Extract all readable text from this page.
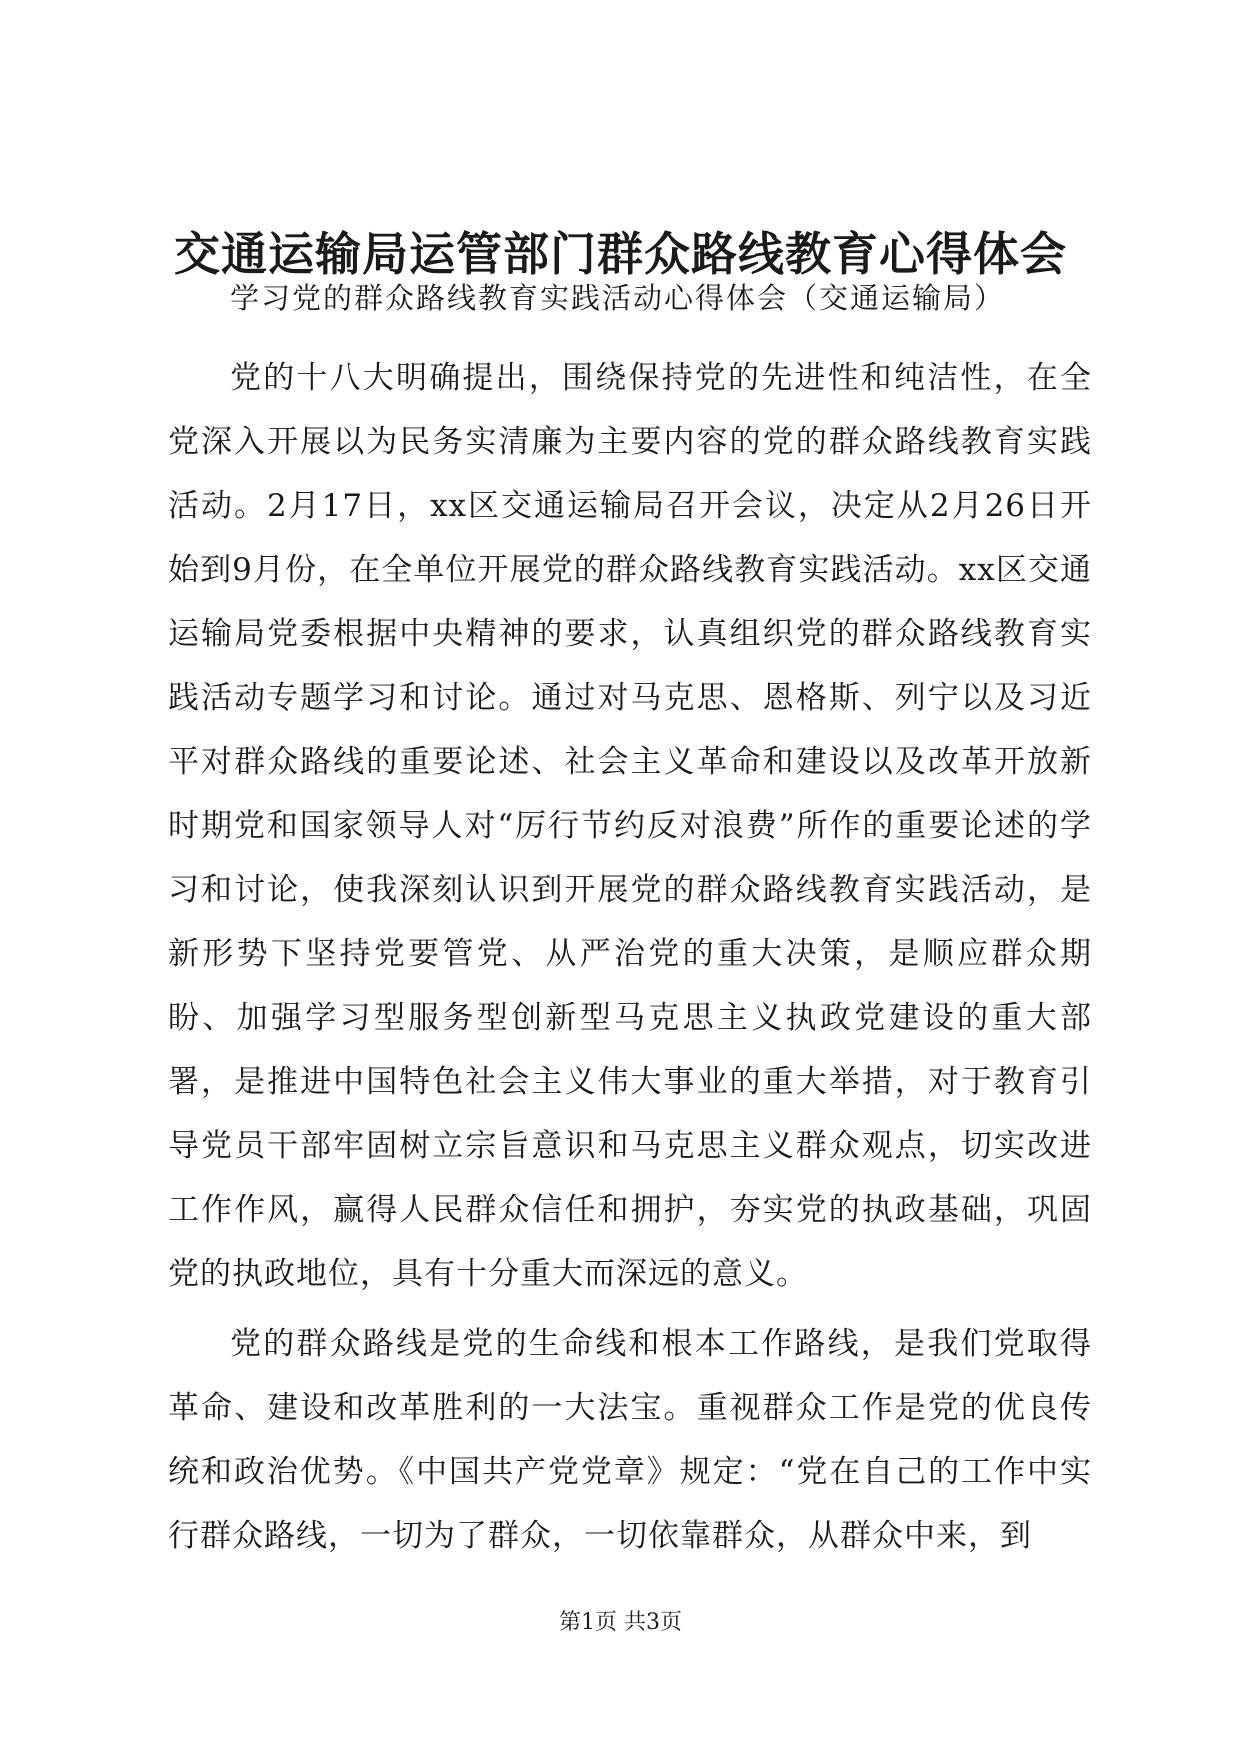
交通运输局运管部门群众路线教育心得体会

学习党的群众路线教育实践活动心得体会（交通运输局）

党的十八大明确提出，围绕保持党的先进性和纯洁性，在全党深入开展以为民务实清廉为主要内容的党的群众路线教育实践活动。2月17日，xx区交通运输局召开会议，决定从2月26日开始到9月份，在全单位开展党的群众路线教育实践活动。xx区交通运输局党委根据中央精神的要求，认真组织党的群众路线教育实践活动专题学习和讨论。通过对马克思、恩格斯、列宁以及习近平对群众路线的重要论述、社会主义革命和建设以及改革开放新时期党和国家领导人对“厉行节约反对浪费”所作的重要论述的学习和讨论，使我深刻认识到开展党的群众路线教育实践活动，是新形势下坚持党要管党、从严治党的重大决策，是顺应群众期盼、加强学习型服务型创新型马克思主义执政党建设的重大部署，是推进中国特色社会主义伟大事业的重大举措，对于教育引导党员干部牢固树立宗旨意识和马克思主义群众观点，切实改进工作作风，赢得人民群众信任和拥护，夯实党的执政基础，巩固党的执政地位，具有十分重大而深远的意义。

党的群众路线是党的生命线和根本工作路线，是我们党取得革命、建设和改革胜利的一大法宝。重视群众工作是党的优良传统和政治优势。《中国共产党党章》规定：“党在自己的工作中实行群众路线，一切为了群众，一切依靠群众，从群众中来，到

第1页 共3页
